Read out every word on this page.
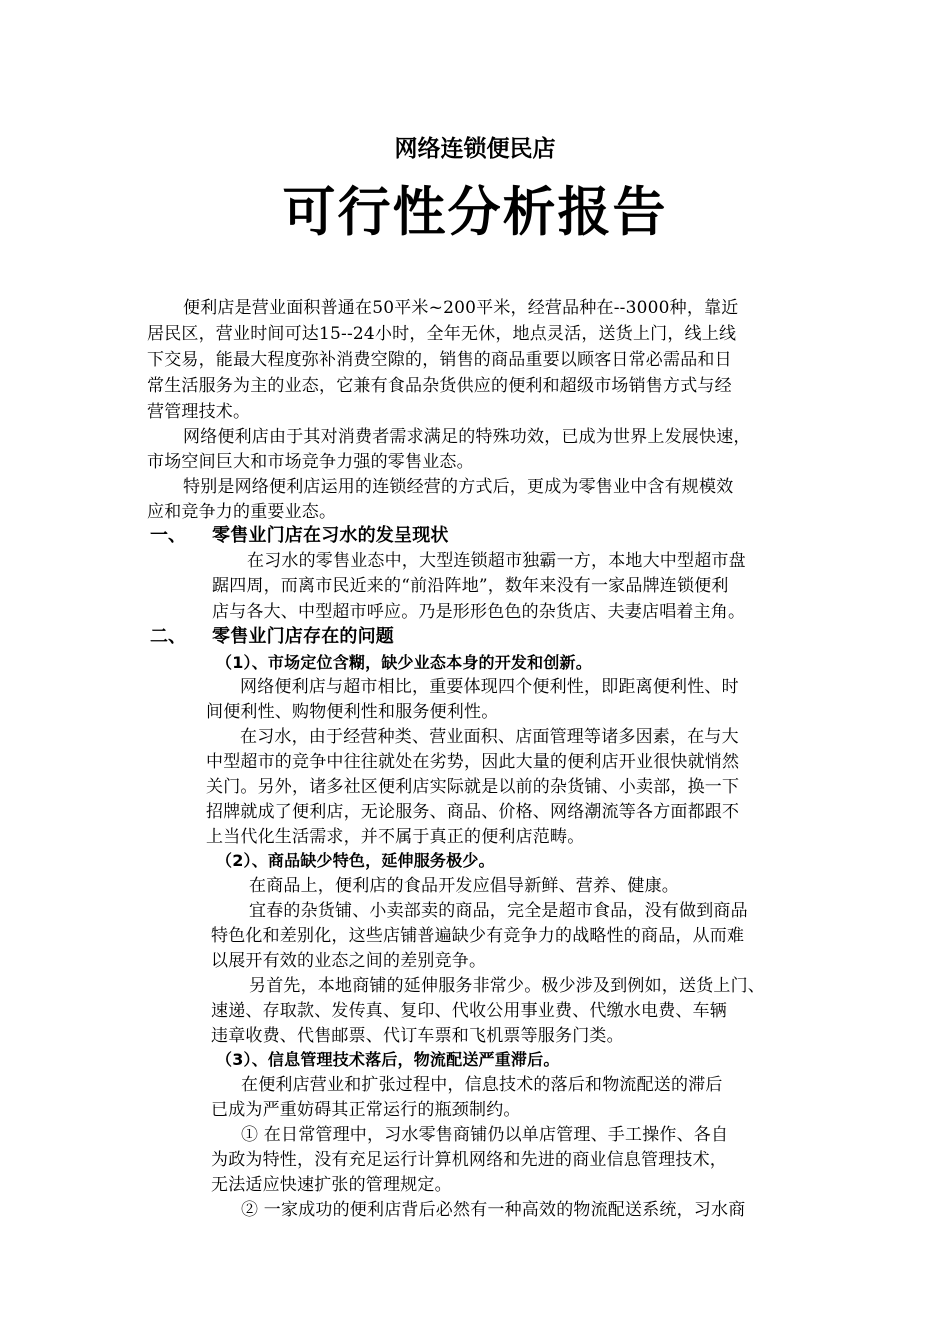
网络连锁便民店
可行性分析报告
便利店是营业面积普通在50平米~200平米，经营品种在--3000种，靠近
居民区，营业时间可达15--24小时，全年无休，地点灵活，送货上门，线上线
下交易，能最大程度弥补消费空隙的，销售的商品重要以顾客日常必需品和日
常生活服务为主的业态，它兼有食品杂货供应的便利和超级市场销售方式与经
营管理技术。
网络便利店由于其对消费者需求满足的特殊功效，已成为世界上发展快速，
市场空间巨大和市场竞争力强的零售业态。
特别是网络便利店运用的连锁经营的方式后，更成为零售业中含有规模效
应和竞争力的重要业态。
一、 零售业门店在习水的发呈现状
在习水的零售业态中，大型连锁超市独霸一方，本地大中型超市盘
踞四周，而离市民近来的“前沿阵地”，数年来没有一家品牌连锁便利
店与各大、中型超市呼应。乃是形形色色的杂货店、夫妻店唱着主角。
二、 零售业门店存在的问题
（1）、市场定位含糊，缺少业态本身的开发和创新。
网络便利店与超市相比，重要体现四个便利性，即距离便利性、时
间便利性、购物便利性和服务便利性。
在习水，由于经营种类、营业面积、店面管理等诸多因素，在与大
中型超市的竞争中往往就处在劣势，因此大量的便利店开业很快就悄然
关门。另外，诸多社区便利店实际就是以前的杂货铺、小卖部，换一下
招牌就成了便利店，无论服务、商品、价格、网络潮流等各方面都跟不
上当代化生活需求，并不属于真正的便利店范畴。
（2）、商品缺少特色，延伸服务极少。
在商品上，便利店的食品开发应倡导新鲜、营养、健康。
宜春的杂货铺、小卖部卖的商品，完全是超市食品，没有做到商品
特色化和差别化，这些店铺普遍缺少有竞争力的战略性的商品，从而难
以展开有效的业态之间的差别竞争。
另首先，本地商铺的延伸服务非常少。极少涉及到例如，送货上门、
速递、存取款、发传真、复印、代收公用事业费、代缴水电费、车辆
违章收费、代售邮票、代订车票和飞机票等服务门类。
（3）、信息管理技术落后，物流配送严重滞后。
在便利店营业和扩张过程中，信息技术的落后和物流配送的滞后
已成为严重妨碍其正常运行的瓶颈制约。
① 在日常管理中，习水零售商铺仍以单店管理、手工操作、各自
为政为特性，没有充足运行计算机网络和先进的商业信息管理技术，
无法适应快速扩张的管理规定。
② 一家成功的便利店背后必然有一种高效的物流配送系统，习水商
